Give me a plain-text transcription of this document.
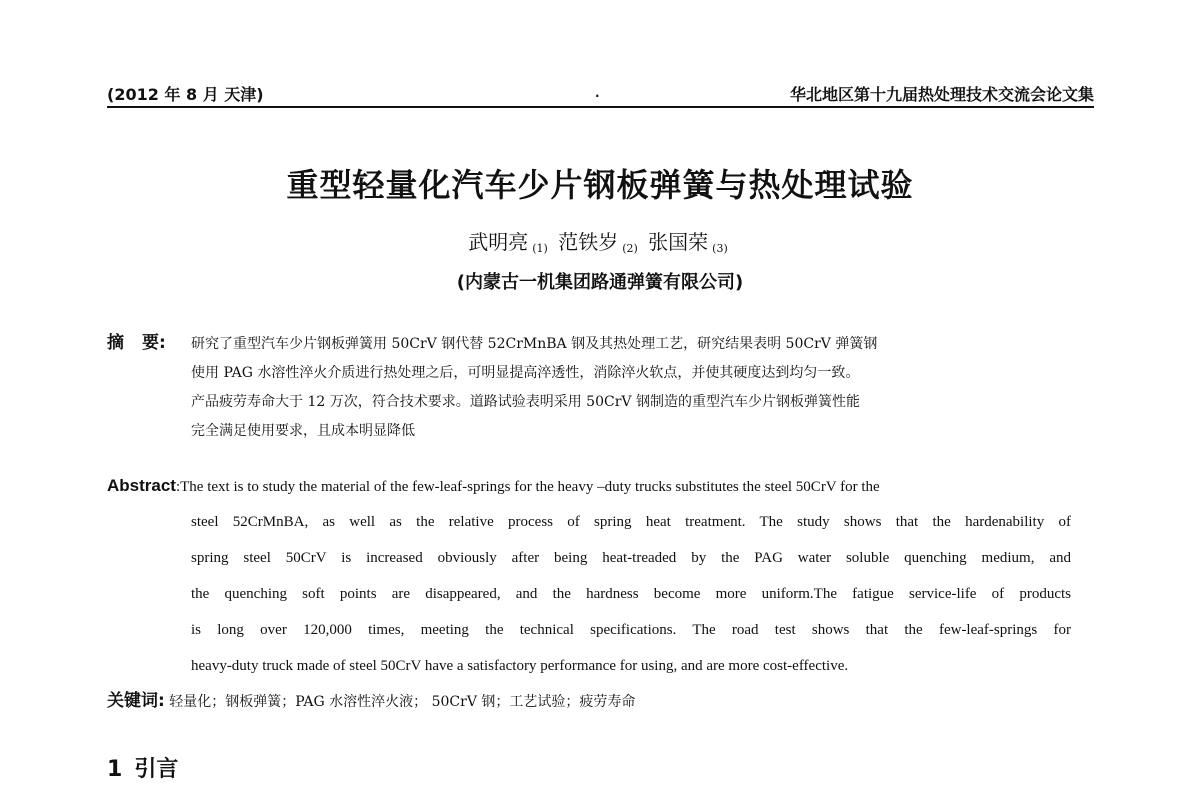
(2012 年 8 月 天津)	.	华北地区第十九届热处理技术交流会论文集
重型轻量化汽车少片钢板弹簧与热处理试验
武明亮 $_{(1)}$ 范铁岁 $_{(2)}$ 张国荣 $_{(3)}$
(内蒙古一机集团路通弹簧有限公司)
摘 要: 研究了重型汽车少片钢板弹簧用 50CrV 钢代替 52CrMnBA 钢及其热处理工艺，研究结果表明 50CrV 弹簧钢
使用 PAG 水溶性淬火介质进行热处理之后，可明显提高淬透性，消除淬火软点，并使其硬度达到均匀一致。
产品疲劳寿命大于 12 万次，符合技术要求。道路试验表明采用 50CrV 钢制造的重型汽车少片钢板弹簧性能
完全满足使用要求，且成本明显降低
Abstract:The text is to study the material of the few-leaf-springs for the heavy –duty trucks substitutes the steel 50CrV for the
steel 52CrMnBA, as well as the relative process of spring heat treatment. The study shows that the hardenability of
spring steel 50CrV is increased obviously after being heat-treaded by the PAG water soluble quenching medium, and
the quenching soft points are disappeared, and the hardness become more uniform.The fatigue service-life of products
is long over 120,000 times, meeting the technical specifications. The road test shows that the few-leaf-springs for
heavy-duty truck made of steel 50CrV have a satisfactory performance for using, and are more cost-effective.
关键词: 轻量化；钢板弹簧；PAG 水溶性淬火液； 50CrV 钢；工艺试验；疲劳寿命
1 引言
